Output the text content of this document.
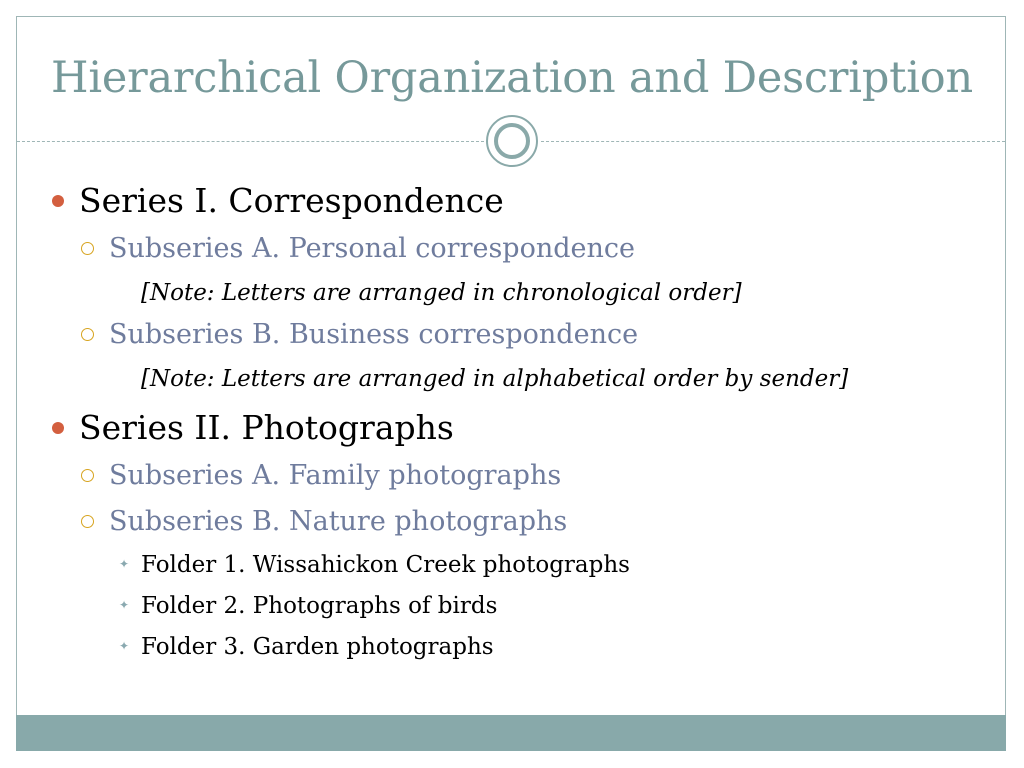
Hierarchical Organization and Description
Series I. Correspondence
Subseries A. Personal correspondence
[Note: Letters are arranged in chronological order]
Subseries B. Business correspondence
[Note: Letters are arranged in alphabetical order by sender]
Series II. Photographs
Subseries A. Family photographs
Subseries B. Nature photographs
✦ Folder 1. Wissahickon Creek photographs
✦ Folder 2. Photographs of birds
✦ Folder 3. Garden photographs
